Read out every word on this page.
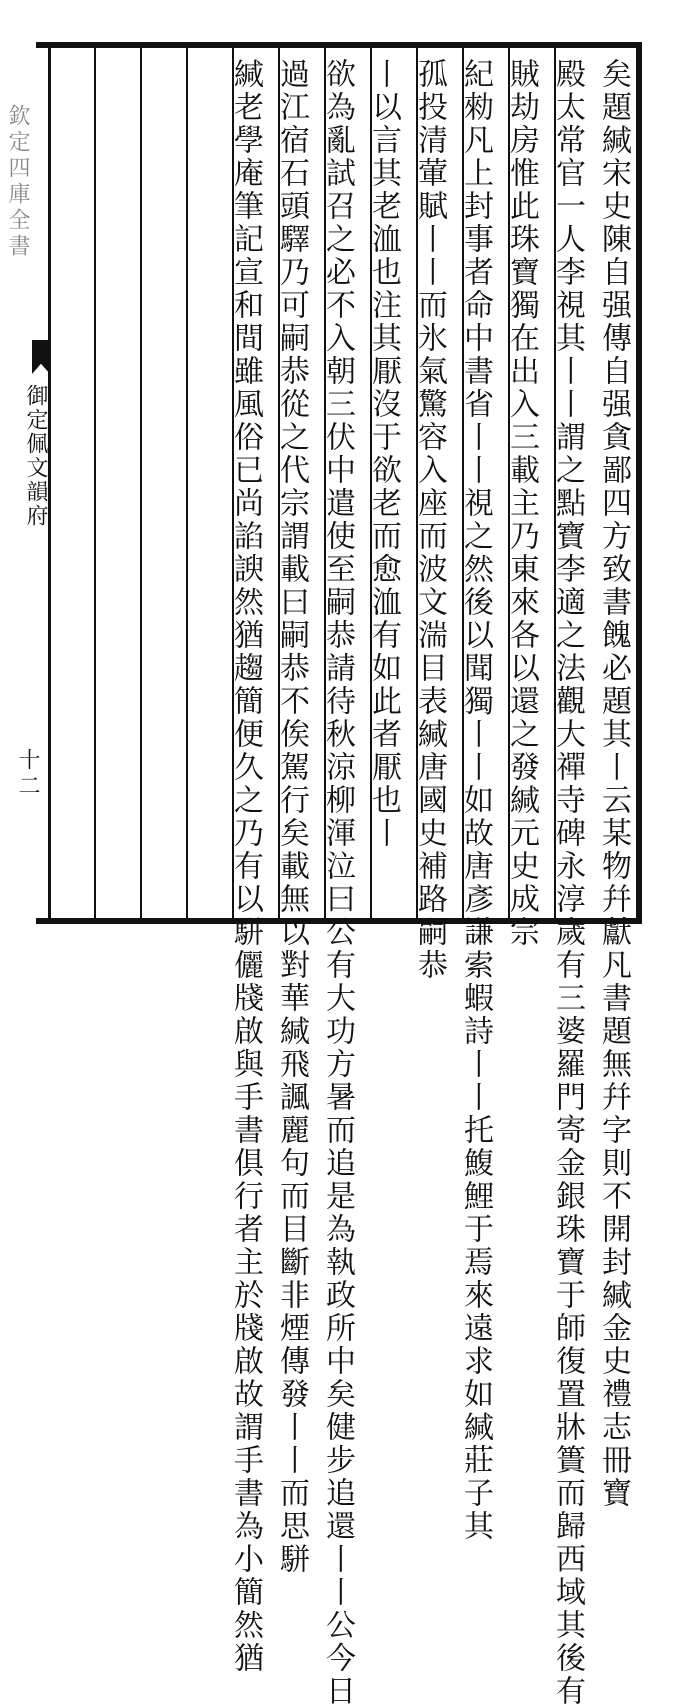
欽定四庫全書
御定佩文韻府
十二	矣題緘宋史陳自强傳自强貪鄙四方致書餽必題其丨云某物幷獻凡書題無幷字則不開封緘金史禮志冊寶
殿太常官一人李視其丨丨謂之點寶李適之法觀大禪寺碑永淳歲有三婆羅門寄金銀珠寶于師復置牀簣而歸西域其後有
賊劫房惟此珠寶獨在出入三載主乃東來各以還之發緘元史成宗
紀勑凡上封事者命中書省丨丨視之然後以聞獨丨丨如故唐彥謙索蝦詩丨丨托鰒鯉于焉來遠求如緘莊子其
孤投清葷賦丨丨而氷氣驚容入座而波文湍目表緘唐國史補路嗣恭
丨以言其老洫也注其厭沒于欲老而愈洫有如此者厭也丨
欲為亂試召之必不入朝三伏中遣使至嗣恭請待秋涼柳渾泣曰公有大功方暑而追是為執政所中矣健步追還丨丨公今日
過江宿石頭驛乃可嗣恭從之代宗謂載曰嗣恭不俟駕行矣載無以對華緘飛諷麗句而目斷非煙傳發丨丨而思駢
緘老學庵筆記宣和間雖風俗已尚諂諛然猶趨簡便久之乃有以駢儷牋啟與手書俱行者主於牋啟故謂手書為小簡然猶
